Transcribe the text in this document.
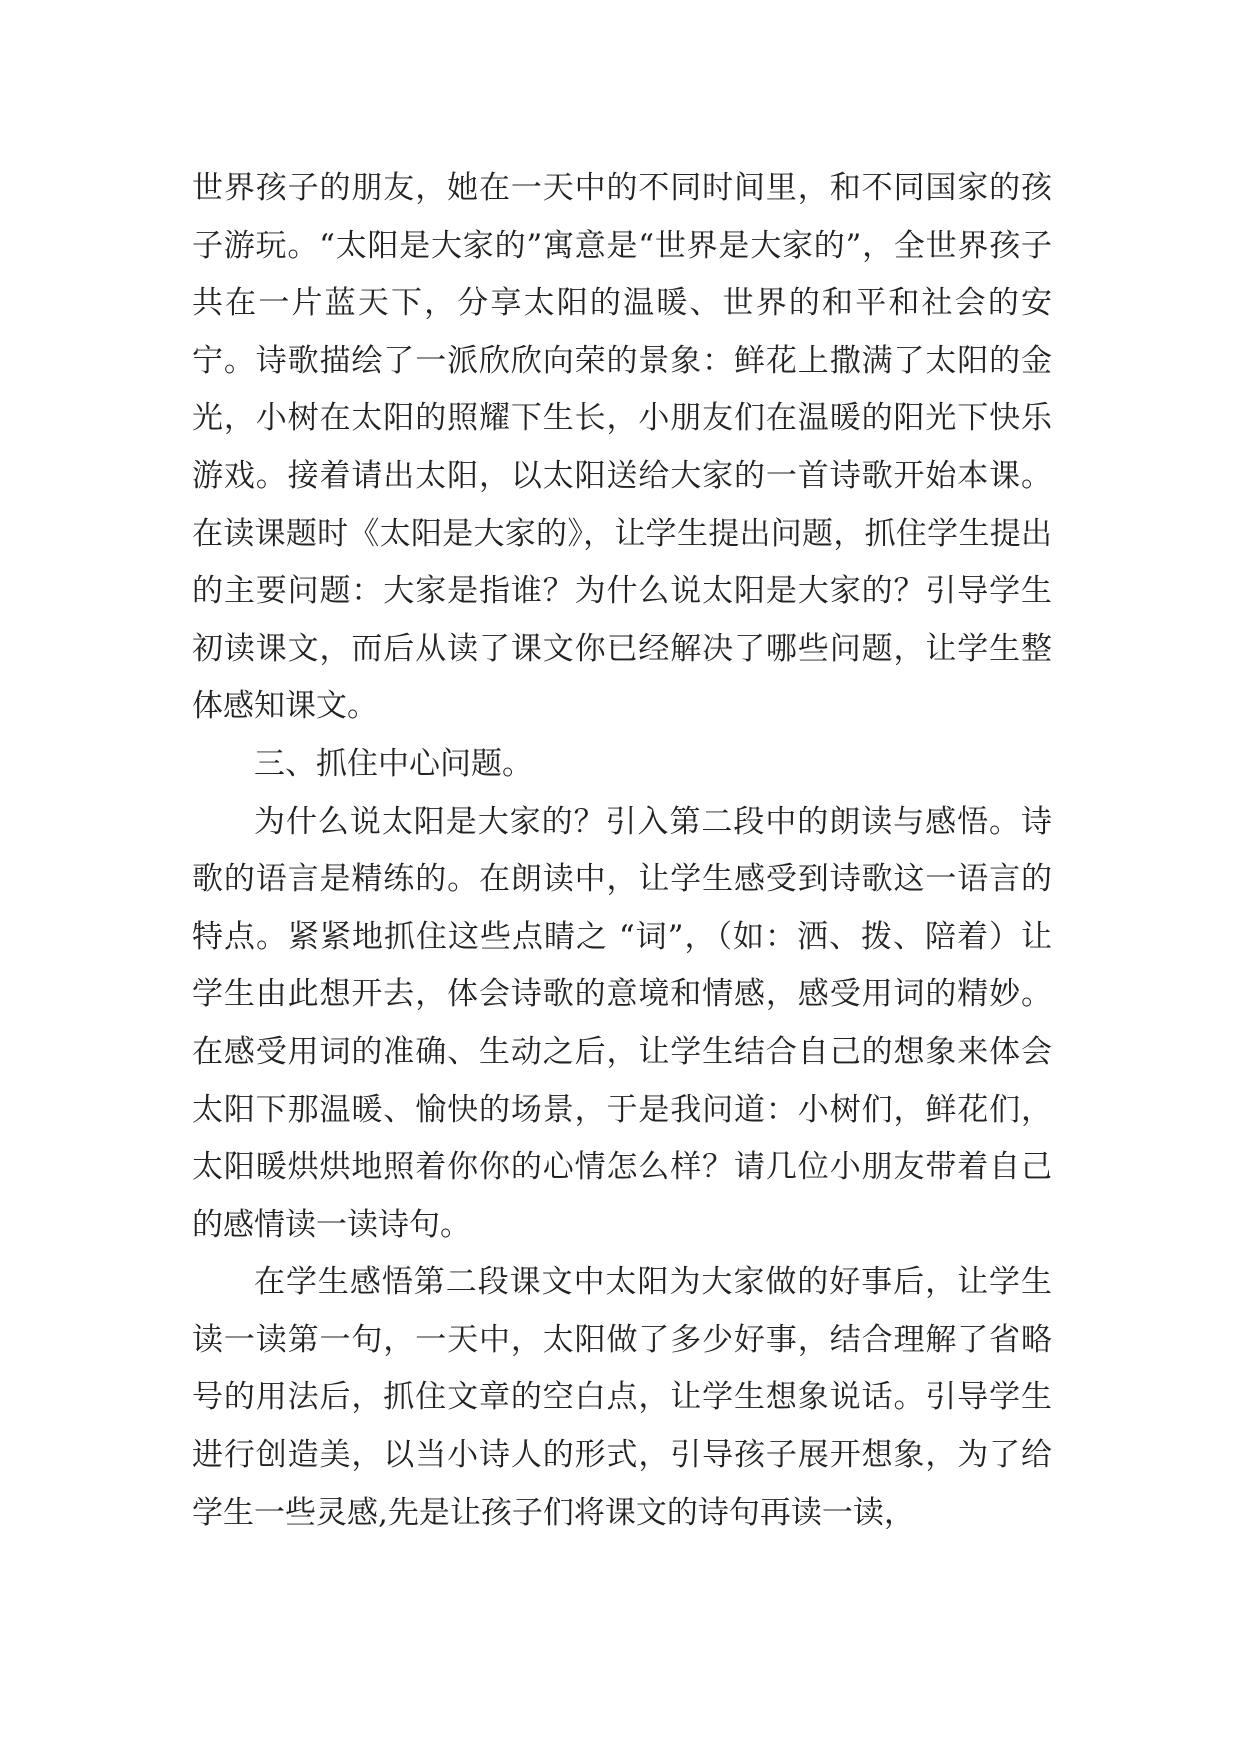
世界孩子的朋友，她在一天中的不同时间里，和不同国家的孩子游玩。“太阳是大家的”寓意是“世界是大家的”，全世界孩子共在一片蓝天下，分享太阳的温暖、世界的和平和社会的安宁。诗歌描绘了一派欣欣向荣的景象：鲜花上撒满了太阳的金光，小树在太阳的照耀下生长，小朋友们在温暖的阳光下快乐游戏。接着请出太阳，以太阳送给大家的一首诗歌开始本课。在读课题时《太阳是大家的》，让学生提出问题，抓住学生提出的主要问题：大家是指谁？为什么说太阳是大家的？引导学生初读课文，而后从读了课文你已经解决了哪些问题，让学生整体感知课文。

三、抓住中心问题。

为什么说太阳是大家的？引入第二段中的朗读与感悟。诗歌的语言是精练的。在朗读中，让学生感受到诗歌这一语言的特点。紧紧地抓住这些点睛之 “词”，（如：洒、拨、陪着）让学生由此想开去，体会诗歌的意境和情感，感受用词的精妙。在感受用词的准确、生动之后，让学生结合自己的想象来体会太阳下那温暖、愉快的场景，于是我问道：小树们，鲜花们，太阳暖烘烘地照着你你的心情怎么样？请几位小朋友带着自己的感情读一读诗句。

在学生感悟第二段课文中太阳为大家做的好事后，让学生读一读第一句，一天中，太阳做了多少好事，结合理解了省略号的用法后，抓住文章的空白点，让学生想象说话。引导学生进行创造美，以当小诗人的形式，引导孩子展开想象，为了给学生一些灵感,先是让孩子们将课文的诗句再读一读，
